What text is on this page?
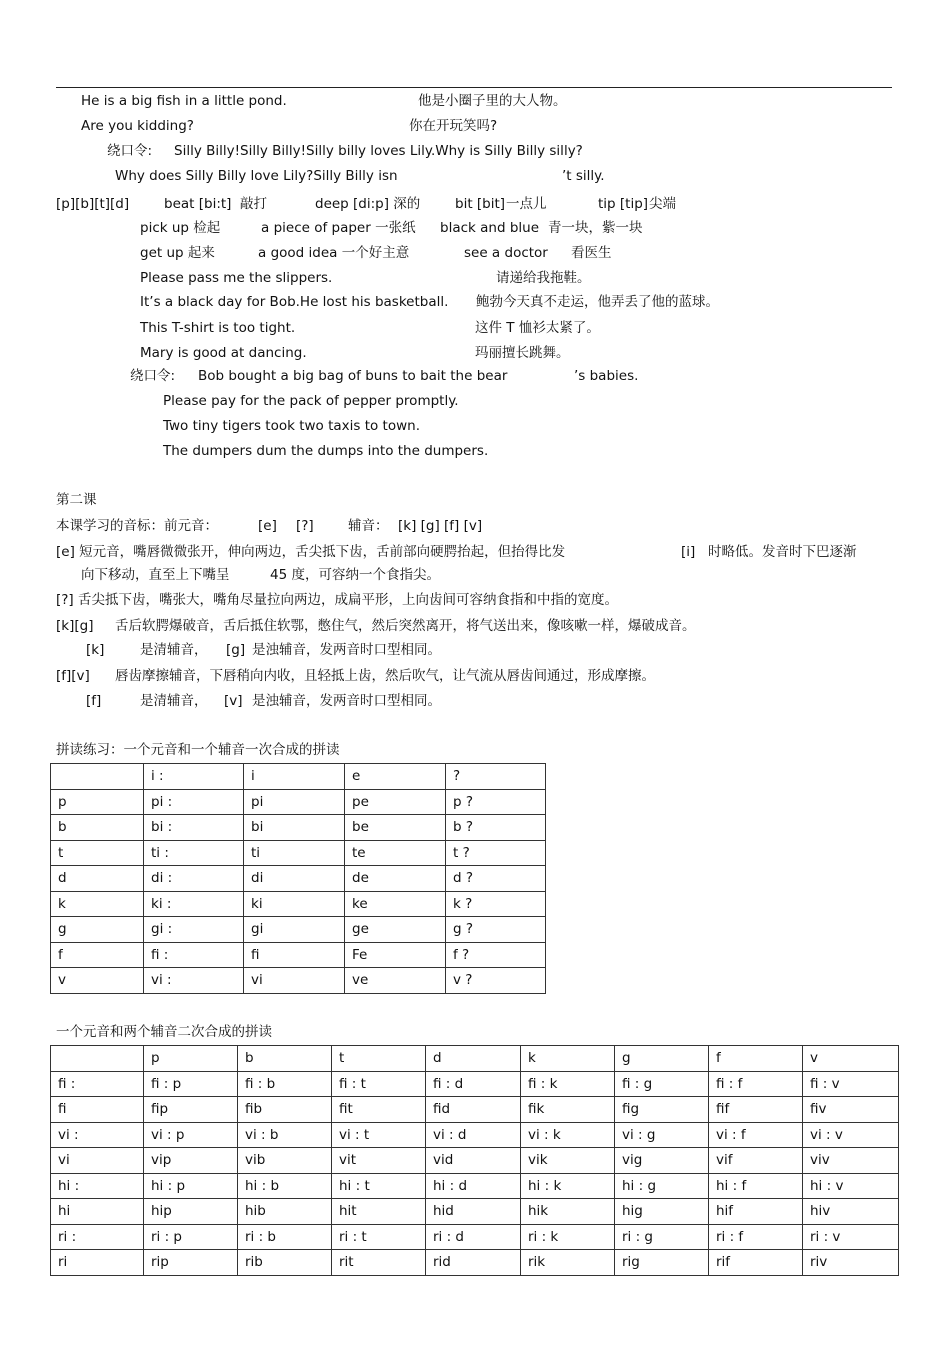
He is a big fish in a little pond.	他是小圈子里的大人物。
Are you kidding?	你在开玩笑吗?
绕口令: Silly Billy!Silly Billy!Silly billy loves Lily.Why is Silly Billy silly?
Why does Silly Billy love Lily?Silly Billy isn	’t silly.
[p][b][t][d]	beat [bi:t] 敲打	deep [di:p] 深的	bit [bit] 一点儿	tip [tip] 尖端
pick up 检起	a piece of paper 一张纸 black and blue 青一块，紫一块
get up 起来	a good idea 一个好主意	see a doctor 看医生
Please pass me the slippers.	请递给我拖鞋。
It’s a black day for Bob.He lost his basketball. 鲍勃今天真不走运，他弄丢了他的蓝球。
This T-shirt is too tight.	这件 T 恤衫太紧了。
Mary is good at dancing.	玛丽擅长跳舞。
绕口令: Bob bought a big bag of buns to bait the bear	’s babies.
Please pay for the pack of pepper promptly.
Two tiny tigers took two taxis to town.
The dumpers dum the dumps into the dumpers.
第二课
本课学习的音标：前元音：	[e] [?]	辅音： [k] [g] [f] [v]
[e] 短元音，嘴唇微微张开，伸向两边，舌尖抵下齿，舌前部向硬腭抬起，但抬得比发	[i] 时略低。发音时下巴逐渐
向下移动，直至上下嘴呈	45 度，可容纳一个食指尖。
[?] 舌尖抵下齿，嘴张大，嘴角尽量拉向两边，成扁平形，上向齿间可容纳食指和中指的宽度。
[k][g] 舌后软腭爆破音，舌后抵住软鄂，憋住气，然后突然离开，将气送出来，像咳嗽一样，爆破成音。
[k]	是清辅音， [g] 是浊辅音，发两音时口型相同。
[f][v] 唇齿摩擦辅音，下唇稍向内收，且轻抵上齿，然后吹气，让气流从唇齿间通过，形成摩擦。
[f]	是清辅音， [v] 是浊辅音，发两音时口型相同。
拼读练习：一个元音和一个辅音一次合成的拼读
	i :	i	e	?
p	pi :	pi	pe	p ?
b	bi :	bi	be	b ?
t	ti :	ti	te	t ?
d	di :	di	de	d ?
k	ki :	ki	ke	k ?
g	gi :	gi	ge	g ?
f	fi :	fi	Fe	f ?
v	vi :	vi	ve	v ?
一个元音和两个辅音二次合成的拼读
	p	b	t	d	k	g	f	v
fi :	fi : p	fi : b	fi : t	fi : d	fi : k	fi : g	fi : f	fi : v
fi	fip	fib	fit	fid	fik	fig	fif	fiv
vi :	vi : p	vi : b	vi : t	vi : d	vi : k	vi : g	vi : f	vi : v
vi	vip	vib	vit	vid	vik	vig	vif	viv
hi :	hi : p	hi : b	hi : t	hi : d	hi : k	hi : g	hi : f	hi : v
hi	hip	hib	hit	hid	hik	hig	hif	hiv
ri :	ri : p	ri : b	ri : t	ri : d	ri : k	ri : g	ri : f	ri : v
ri	rip	rib	rit	rid	rik	rig	rif	riv
